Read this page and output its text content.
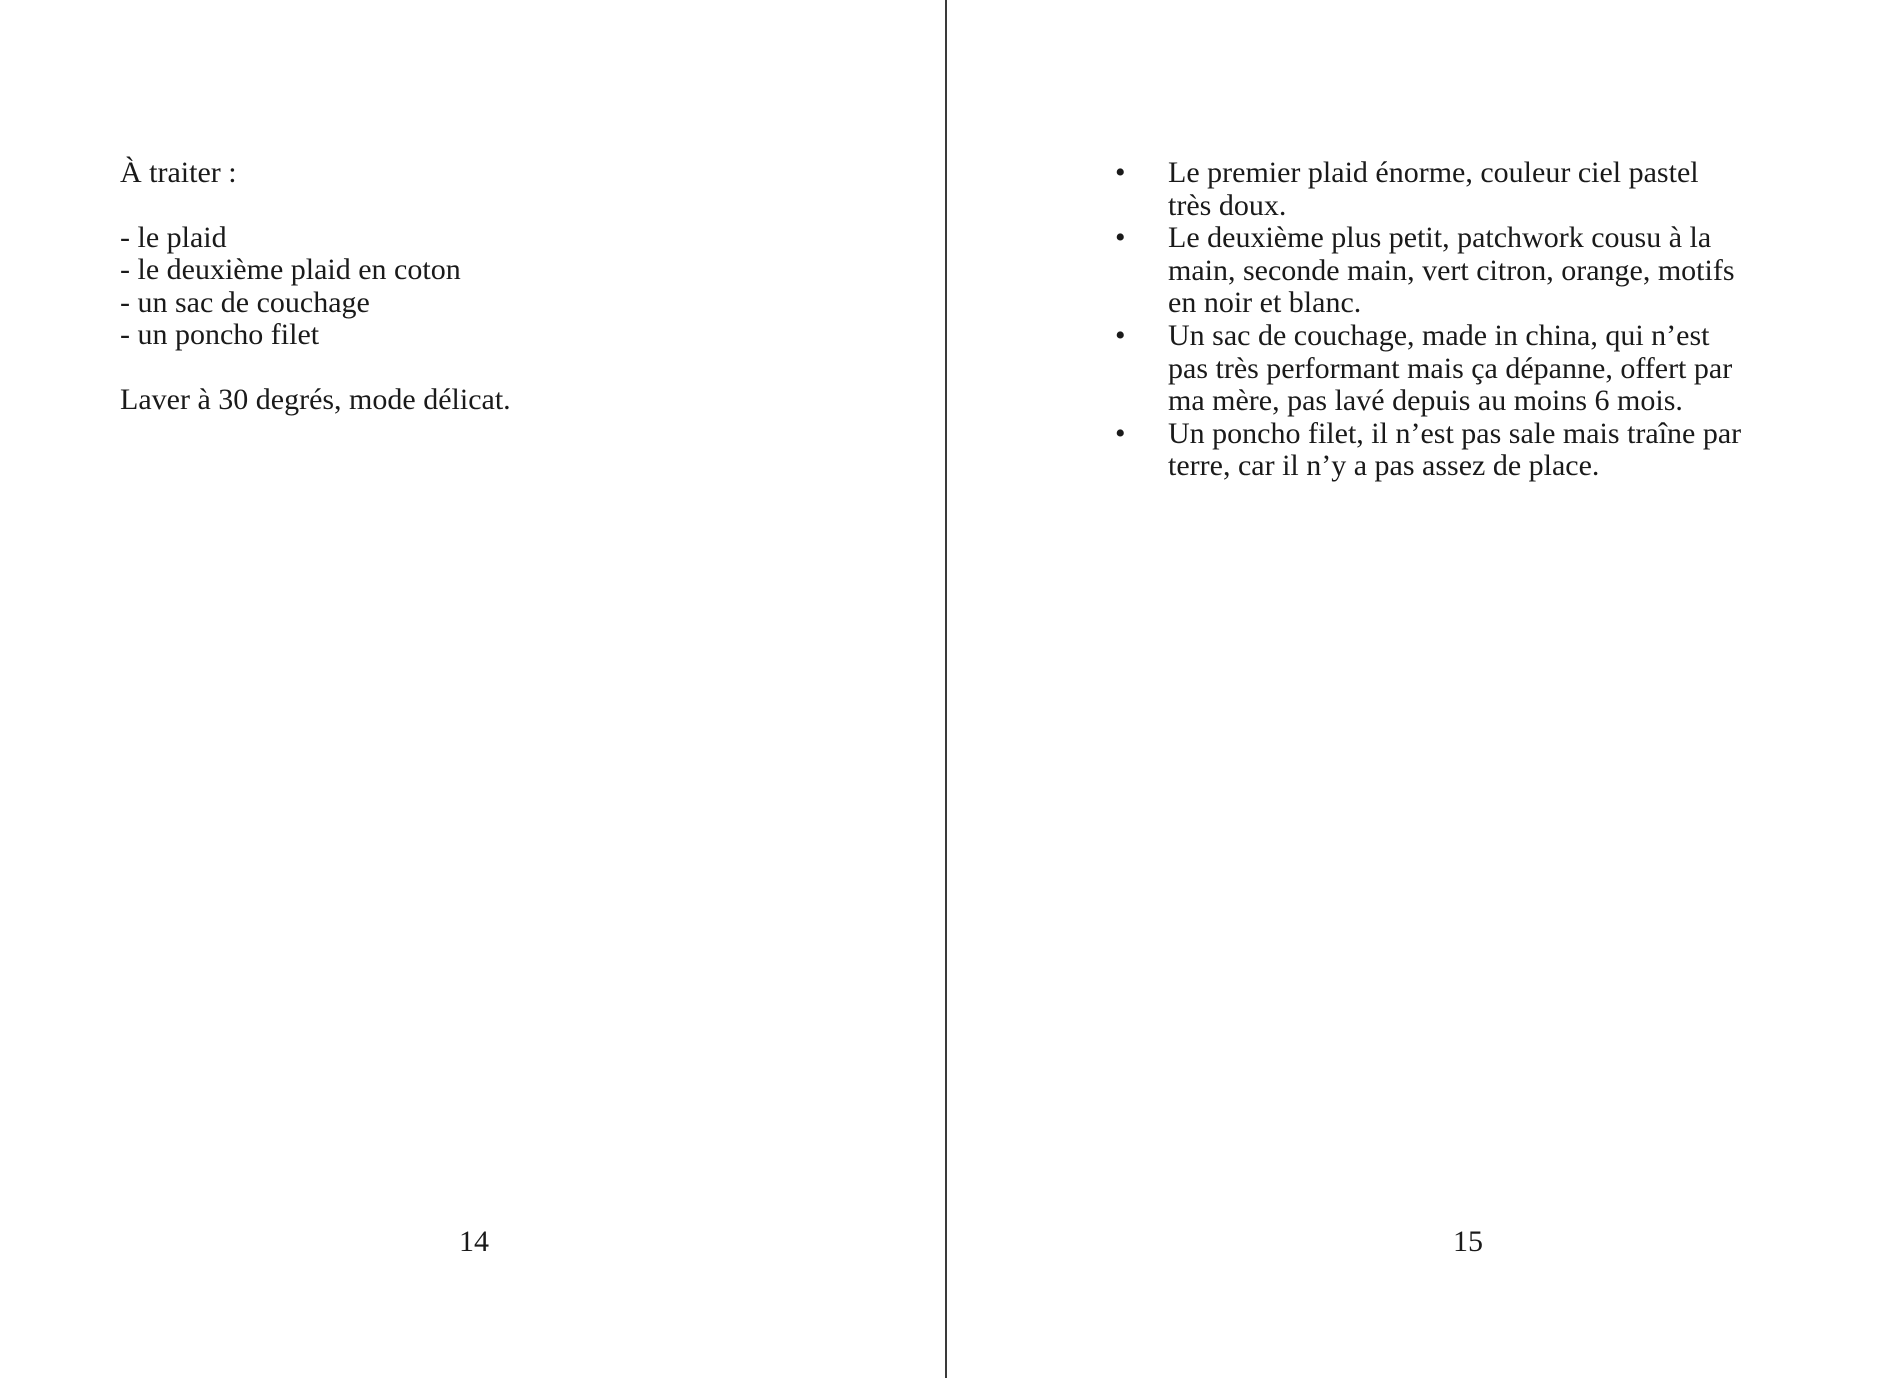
À traiter :

- le plaid
- le deuxième plaid en coton
- un sac de couchage
- un poncho filet

Laver à 30 degrés, mode délicat.

14
• Le premier plaid énorme, couleur ciel pastel
très doux.
• Le deuxième plus petit, patchwork cousu à la
main, seconde main, vert citron, orange, motifs
en noir et blanc.
• Un sac de couchage, made in china, qui n’est
pas très performant mais ça dépanne, offert par
ma mère, pas lavé depuis au moins 6 mois.
• Un poncho filet, il n’est pas sale mais traîne par
terre, car il n’y a pas assez de place.
15
